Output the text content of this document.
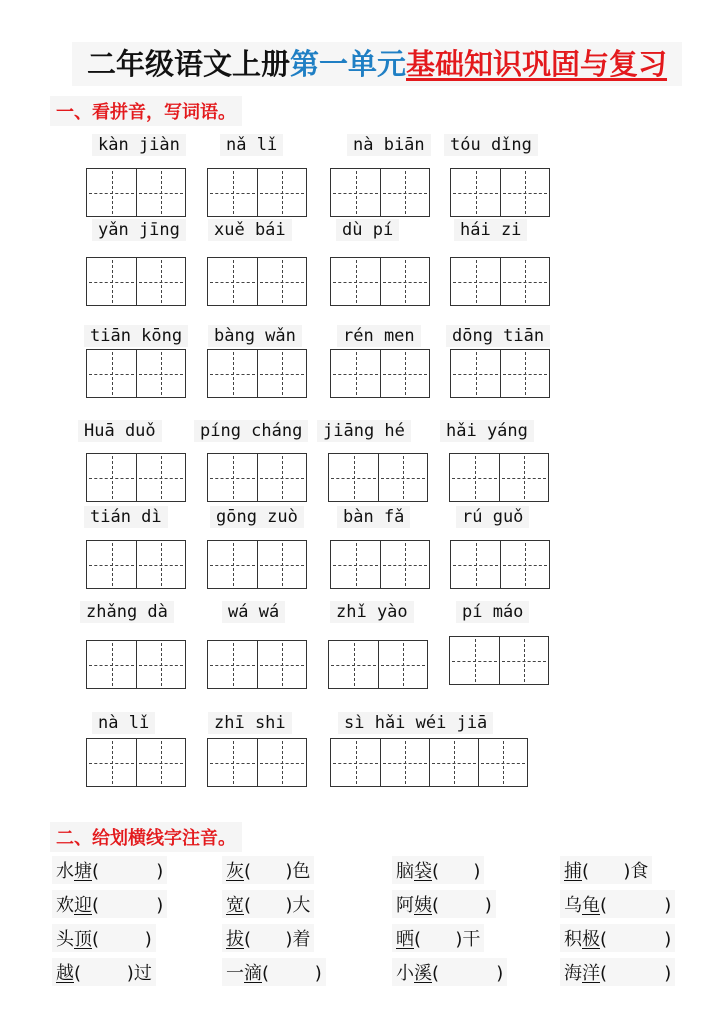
二年级语文上册第一单元基础知识巩固与复习
一、看拼音，写词语。
kàn jiàn	nǎ lǐ	nà biān	tóu dǐng
yǎn jīng	xuě bái	dù pí	hái zi
tiān kōng	bàng wǎn	rén men	dōng tiān
Huā duǒ	píng cháng	jiāng hé	hǎi yáng
tián dì	gōng zuò	bàn fǎ	rú guǒ
zhǎng dà	wá wá	zhǐ yào	pí máo
nà lǐ	zhī shi	sì hǎi wéi jiā
二、给划横线字注音。
水塘(          )	灰(      )色	脑袋(      )	捕(      )食
欢迎(          )	宽(      )大	阿姨(        )	乌龟(          )
头顶(        )	拔(      )着	晒(      )干	积极(          )
越(        )过	一滴(        )	小溪(          )	海洋(          )
